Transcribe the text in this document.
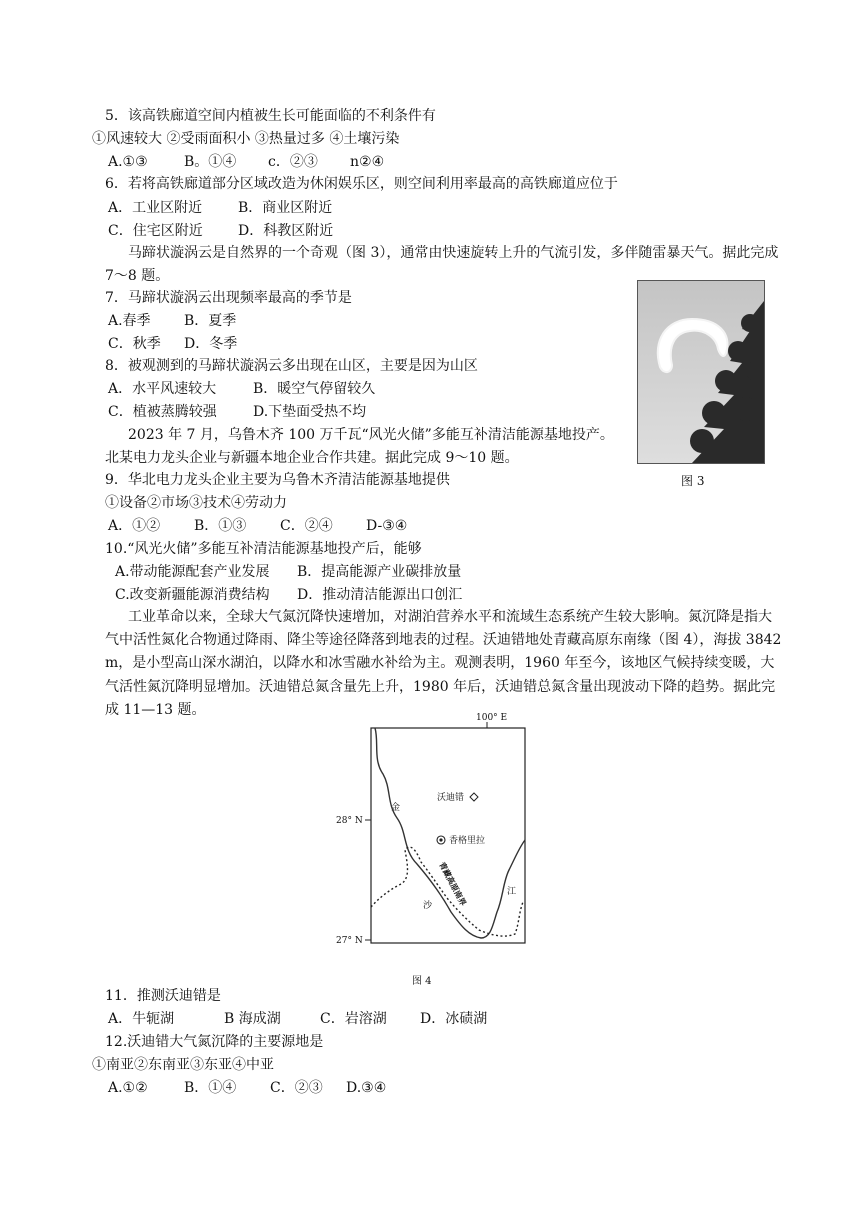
5．该高铁廊道空间内植被生长可能面临的不利条件有
①风速较大 ②受雨面积小 ③热量过多 ④土壤污染
A.①③	B。①④ c．②③ n②④
6．若将高铁廊道部分区域改造为休闲娱乐区，则空间利用率最高的高铁廊道应位于
A．工业区附近	B．商业区附近
C．住宅区附近	D．科教区附近
马蹄状漩涡云是自然界的一个奇观（图 3），通常由快速旋转上升的气流引发，多伴随雷暴天气。据此完成 7～8 题。
7．马蹄状漩涡云出现频率最高的季节是
A.春季 B．夏季
C．秋季 D．冬季
8．被观测到的马蹄状漩涡云多出现在山区，主要是因为山区
A．水平风速较大	B．暖空气停留较久
C．植被蒸腾较强	D.下垫面受热不均
2023 年 7 月，乌鲁木齐 100 万千瓦“风光火储”多能互补清洁能源基地投产。
北某电力龙头企业与新疆本地企业合作共建。据此完成 9～10 题。
图 3
9．华北电力龙头企业主要为乌鲁木齐清洁能源基地提供
①设备②市场③技术④劳动力
A．①② B．①③ C．②④ D-③④
10.“风光火储”多能互补清洁能源基地投产后，能够
A.带动能源配套产业发展 B．提高能源产业碳排放量
C.改变新疆能源消费结构 D．推动清洁能源出口创汇
工业革命以来，全球大气氮沉降快速增加，对湖泊营养水平和流域生态系统产生较大影响。氮沉降是指大气中活性氮化合物通过降雨、降尘等途径降落到地表的过程。沃迪错地处青藏高原东南缘（图 4），海拔 3842 m，是小型高山深水湖泊，以降水和冰雪融水补给为主。观测表明，1960 年至今，该地区气候持续变暖，大气活性氮沉降明显增加。沃迪错总氮含量先上升，1980 年后，沃迪错总氮含量出现波动下降的趋势。据此完成 11—13 题。
100° E
28° N
27° N
沃迪错
香格里拉
金
沙
江
青藏高原南界
图 4
11．推测沃迪错是
A．牛轭湖	B 海成湖	C．岩溶湖 D．冰碛湖
12.沃迪错大气氮沉降的主要源地是
①南亚②东南亚③东亚④中亚
A.①②	B．①④ C．②③ D.③④
